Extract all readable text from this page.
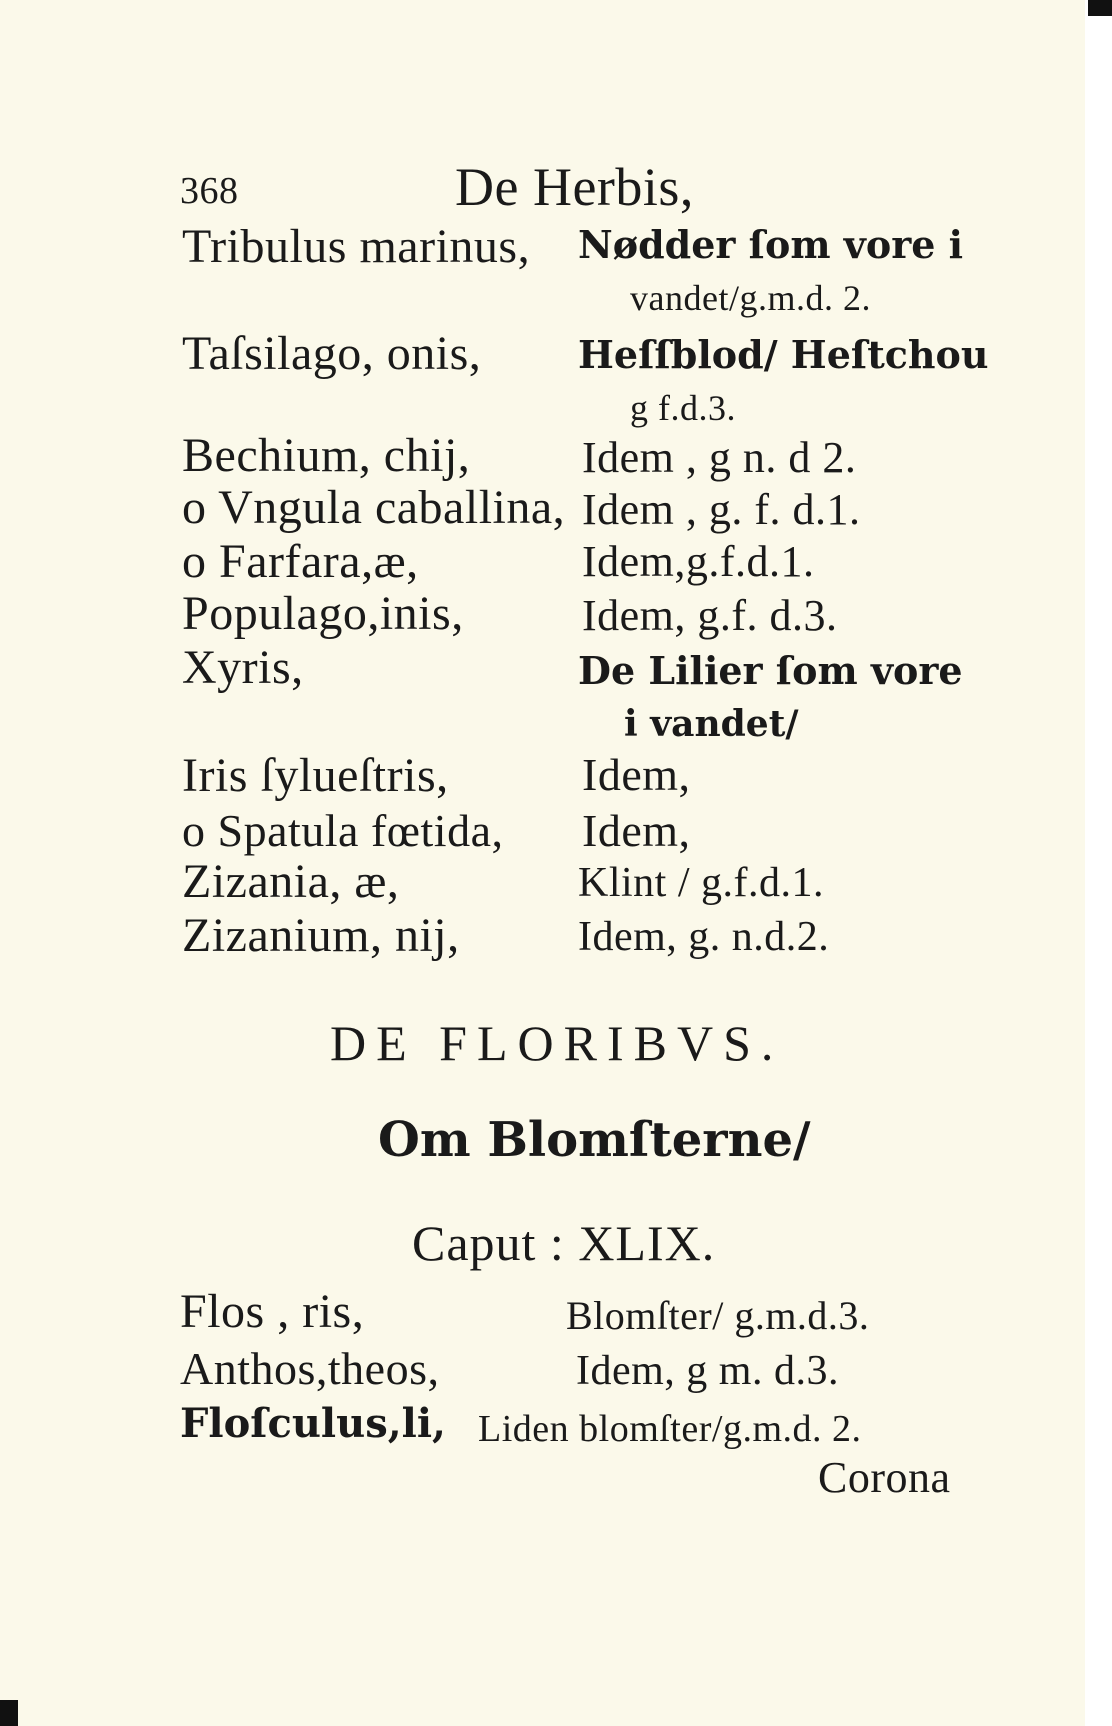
368	De Herbis,
Tribulus marinus, Nødder ſom vore i
vandet/g.m.d. 2.
Taſsilago, onis,	Heſſblod/ Heſtchou
g f.d.3.
Bechium, chij,	Idem , g n. d 2.
o Vngula caballina, Idem , g. f. d.1.
o Farfara,æ,	Idem,g.f.d.1.
Populago,inis,	Idem, g.f. d.3.
Xyris,	De Lilier ſom vore
i vandet/
Iris ſylueſtris,	Idem,
o Spatula fœtida, Idem,
Zizania, æ,	Klint / g.f.d.1.
Zizanium, nij,	Idem, g. n.d.2.
DE FLORIBVS.
Om Blomſterne/
Caput : XLIX.
Flos , ris,	Blomſter/ g.m.d.3.
Anthos,theos,	Idem, g m. d.3.
Floſculus,li, Liden blomſter/g.m.d. 2.
Corona
